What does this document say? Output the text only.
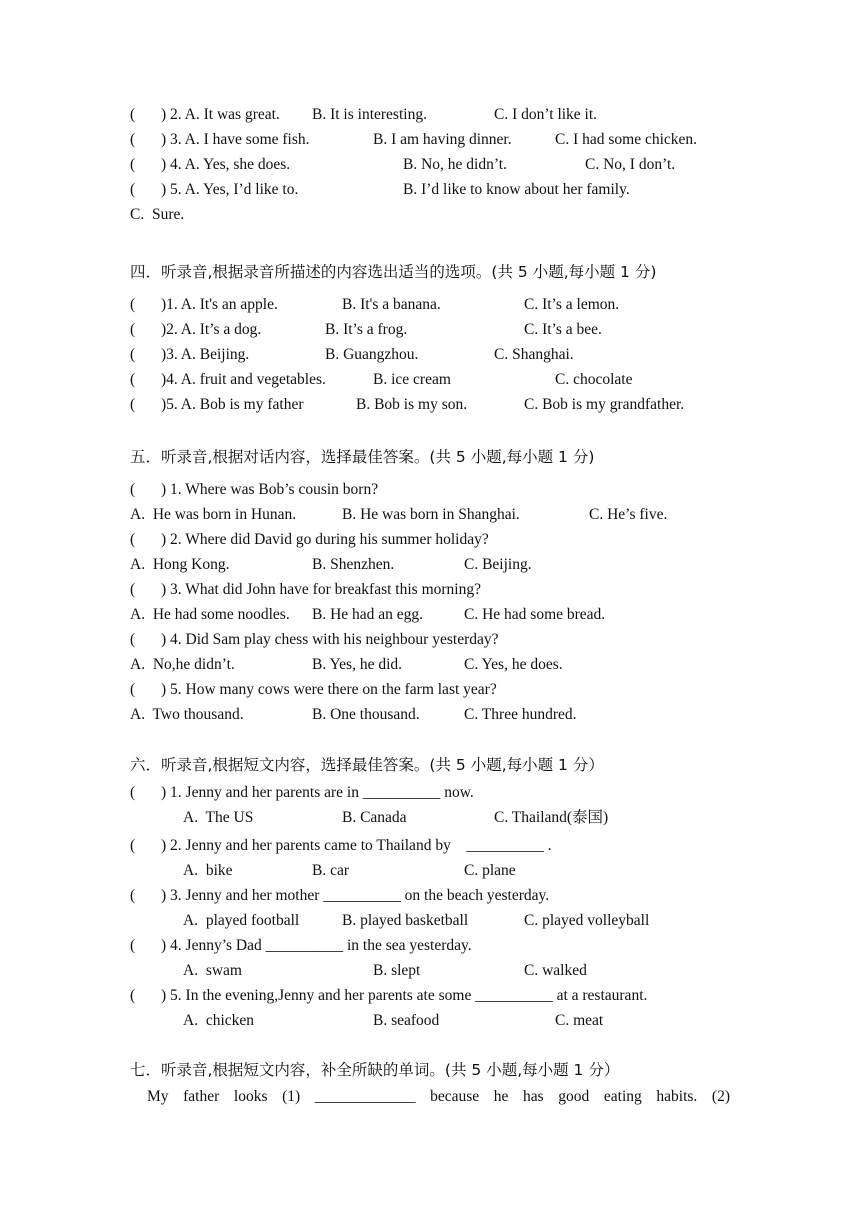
( ) 2. A. It was great. B. It is interesting.	C. I don’t like it.
( ) 3. A. I have some fish.	B. I am having dinner.	C. I had some chicken.
( ) 4. A. Yes, she does.	B. No, he didn’t.	C. No, I don’t.
( ) 5. A. Yes, I’d like to.	B. I’d like to know about her family.
C.  Sure.
四．听录音,根据录音所描述的内容选出适当的选项。(共 5 小题,每小题 1 分)
( )1. A. It's an apple.	B. It's a banana.	C. It’s a lemon.
( )2. A. It’s a dog.	B. It’s a frog.	C. It’s a bee.
( )3. A. Beijing.	B. Guangzhou.	C. Shanghai.
( )4. A. fruit and vegetables.	B. ice cream	C. chocolate
( )5. A. Bob is my father	B. Bob is my son.	C. Bob is my grandfather.
五．听录音,根据对话内容，选择最佳答案。(共 5 小题,每小题 1 分)
( ) 1. Where was Bob’s cousin born?
A.  He was born in Hunan.	B. He was born in Shanghai.	C. He’s five.
( ) 2. Where did David go during his summer holiday?
A.  Hong Kong.	B. Shenzhen.	C. Beijing.
( ) 3. What did John have for breakfast this morning?
A.  He had some noodles. B. He had an egg.	C. He had some bread.
( ) 4. Did Sam play chess with his neighbour yesterday?
A.  No,he didn’t.	B. Yes, he did.	C. Yes, he does.
( ) 5. How many cows were there on the farm last year?
A.  Two thousand.	B. One thousand.	C. Three hundred.
六．听录音,根据短文内容，选择最佳答案。(共 5 小题,每小题 1 分）
( ) 1. Jenny and her parents are in __________ now.
A.  The US	B. Canada	C. Thailand(泰国)
( ) 2. Jenny and her parents came to Thailand by    __________ .
A.  bike	B. car	C. plane
( ) 3. Jenny and her mother __________ on the beach yesterday.
A.  played football	B. played basketball	C. played volleyball
( ) 4. Jenny’s Dad __________ in the sea yesterday.
A.  swam	B. slept	C. walked
( ) 5. In the evening,Jenny and her parents ate some __________ at a restaurant.
A.  chicken	B. seafood	C. meat
七．听录音,根据短文内容，补全所缺的单词。(共 5 小题,每小题 1 分）
My father looks (1) _____________ because he has good eating habits. (2)
